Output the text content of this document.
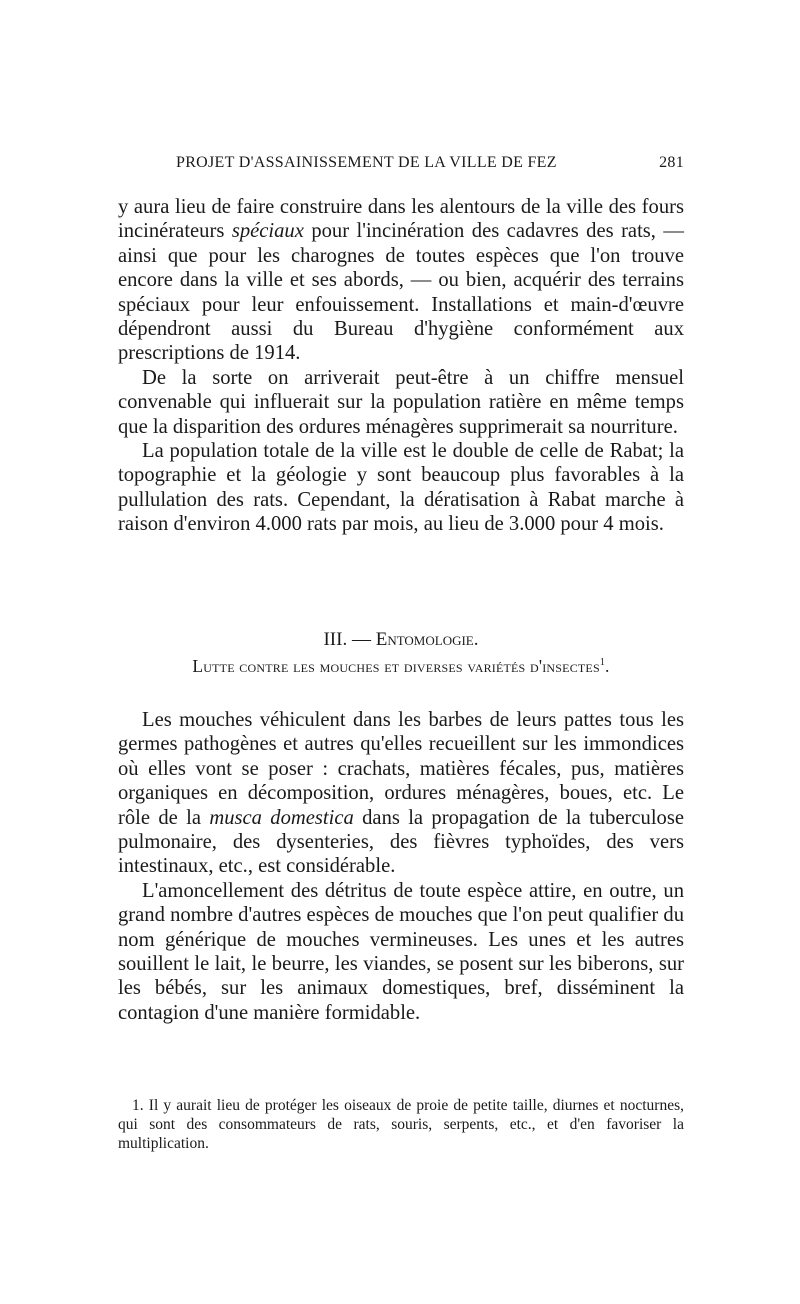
PROJET D'ASSAINISSEMENT DE LA VILLE DE FEZ	281

y aura lieu de faire construire dans les alentours de la ville des fours incinérateurs spéciaux pour l'incinération des cadavres des rats, — ainsi que pour les charognes de toutes espèces que l'on trouve encore dans la ville et ses abords, — ou bien, acquérir des terrains spéciaux pour leur enfouissement. Installations et main-d'œuvre dépendront aussi du Bureau d'hygiène conformément aux prescriptions de 1914.

De la sorte on arriverait peut-être à un chiffre mensuel convenable qui influerait sur la population ratière en même temps que la disparition des ordures ménagères supprimerait sa nourriture.

La population totale de la ville est le double de celle de Rabat; la topographie et la géologie y sont beaucoup plus favorables à la pullulation des rats. Cependant, la dératisation à Rabat marche à raison d'environ 4.000 rats par mois, au lieu de 3.000 pour 4 mois.

III. — Entomologie.
Lutte contre les mouches et diverses variétés d'insectes$^1$.

Les mouches véhiculent dans les barbes de leurs pattes tous les germes pathogènes et autres qu'elles recueillent sur les immondices où elles vont se poser : crachats, matières fécales, pus, matières organiques en décomposition, ordures ménagères, boues, etc. Le rôle de la musca domestica dans la propagation de la tuberculose pulmonaire, des dysenteries, des fièvres typhoïdes, des vers intestinaux, etc., est considérable.

L'amoncellement des détritus de toute espèce attire, en outre, un grand nombre d'autres espèces de mouches que l'on peut qualifier du nom générique de mouches vermineuses. Les unes et les autres souillent le lait, le beurre, les viandes, se posent sur les biberons, sur les bébés, sur les animaux domestiques, bref, disséminent la contagion d'une manière formidable.

1. Il y aurait lieu de protéger les oiseaux de proie de petite taille, diurnes et nocturnes, qui sont des consommateurs de rats, souris, serpents, etc., et d'en favoriser la multiplication.
